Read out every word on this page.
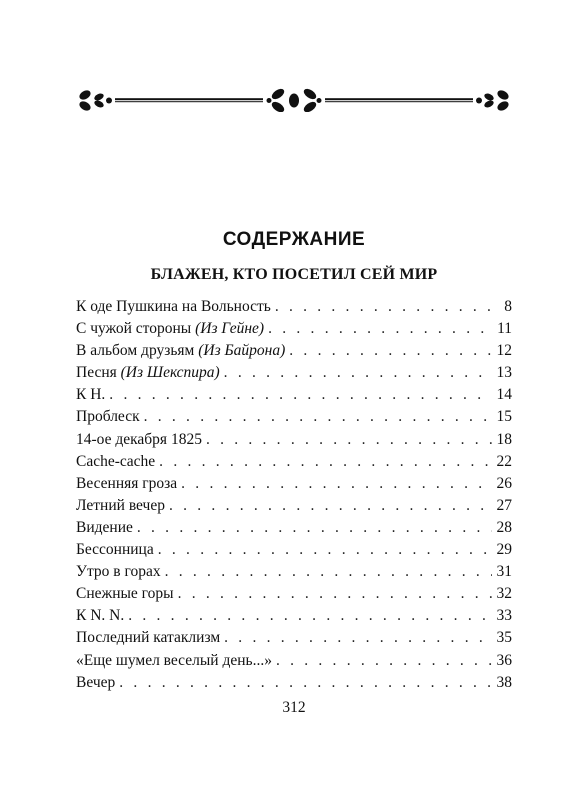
СОДЕРЖАНИЕ
БЛАЖЕН, КТО ПОСЕТИЛ СЕЙ МИР
К оде Пушкина на Вольность . . .	8
С чужой стороны (Из Гейне) . . .	11
В альбом друзьям (Из Байрона) . . .	12
Песня (Из Шекспира) . . .	13
К Н. . . .	14
Проблеск . . .	15
14-ое декабря 1825 . . .	18
Cache-cache . . .	22
Весенняя гроза . . .	26
Летний вечер . . .	27
Видение . . .	28
Бессонница . . .	29
Утро в горах . . .	31
Снежные горы . . .	32
К N. N. . . .	33
Последний катаклизм . . .	35
«Еще шумел веселый день...» . . .	36
Вечер . . .	38
312
